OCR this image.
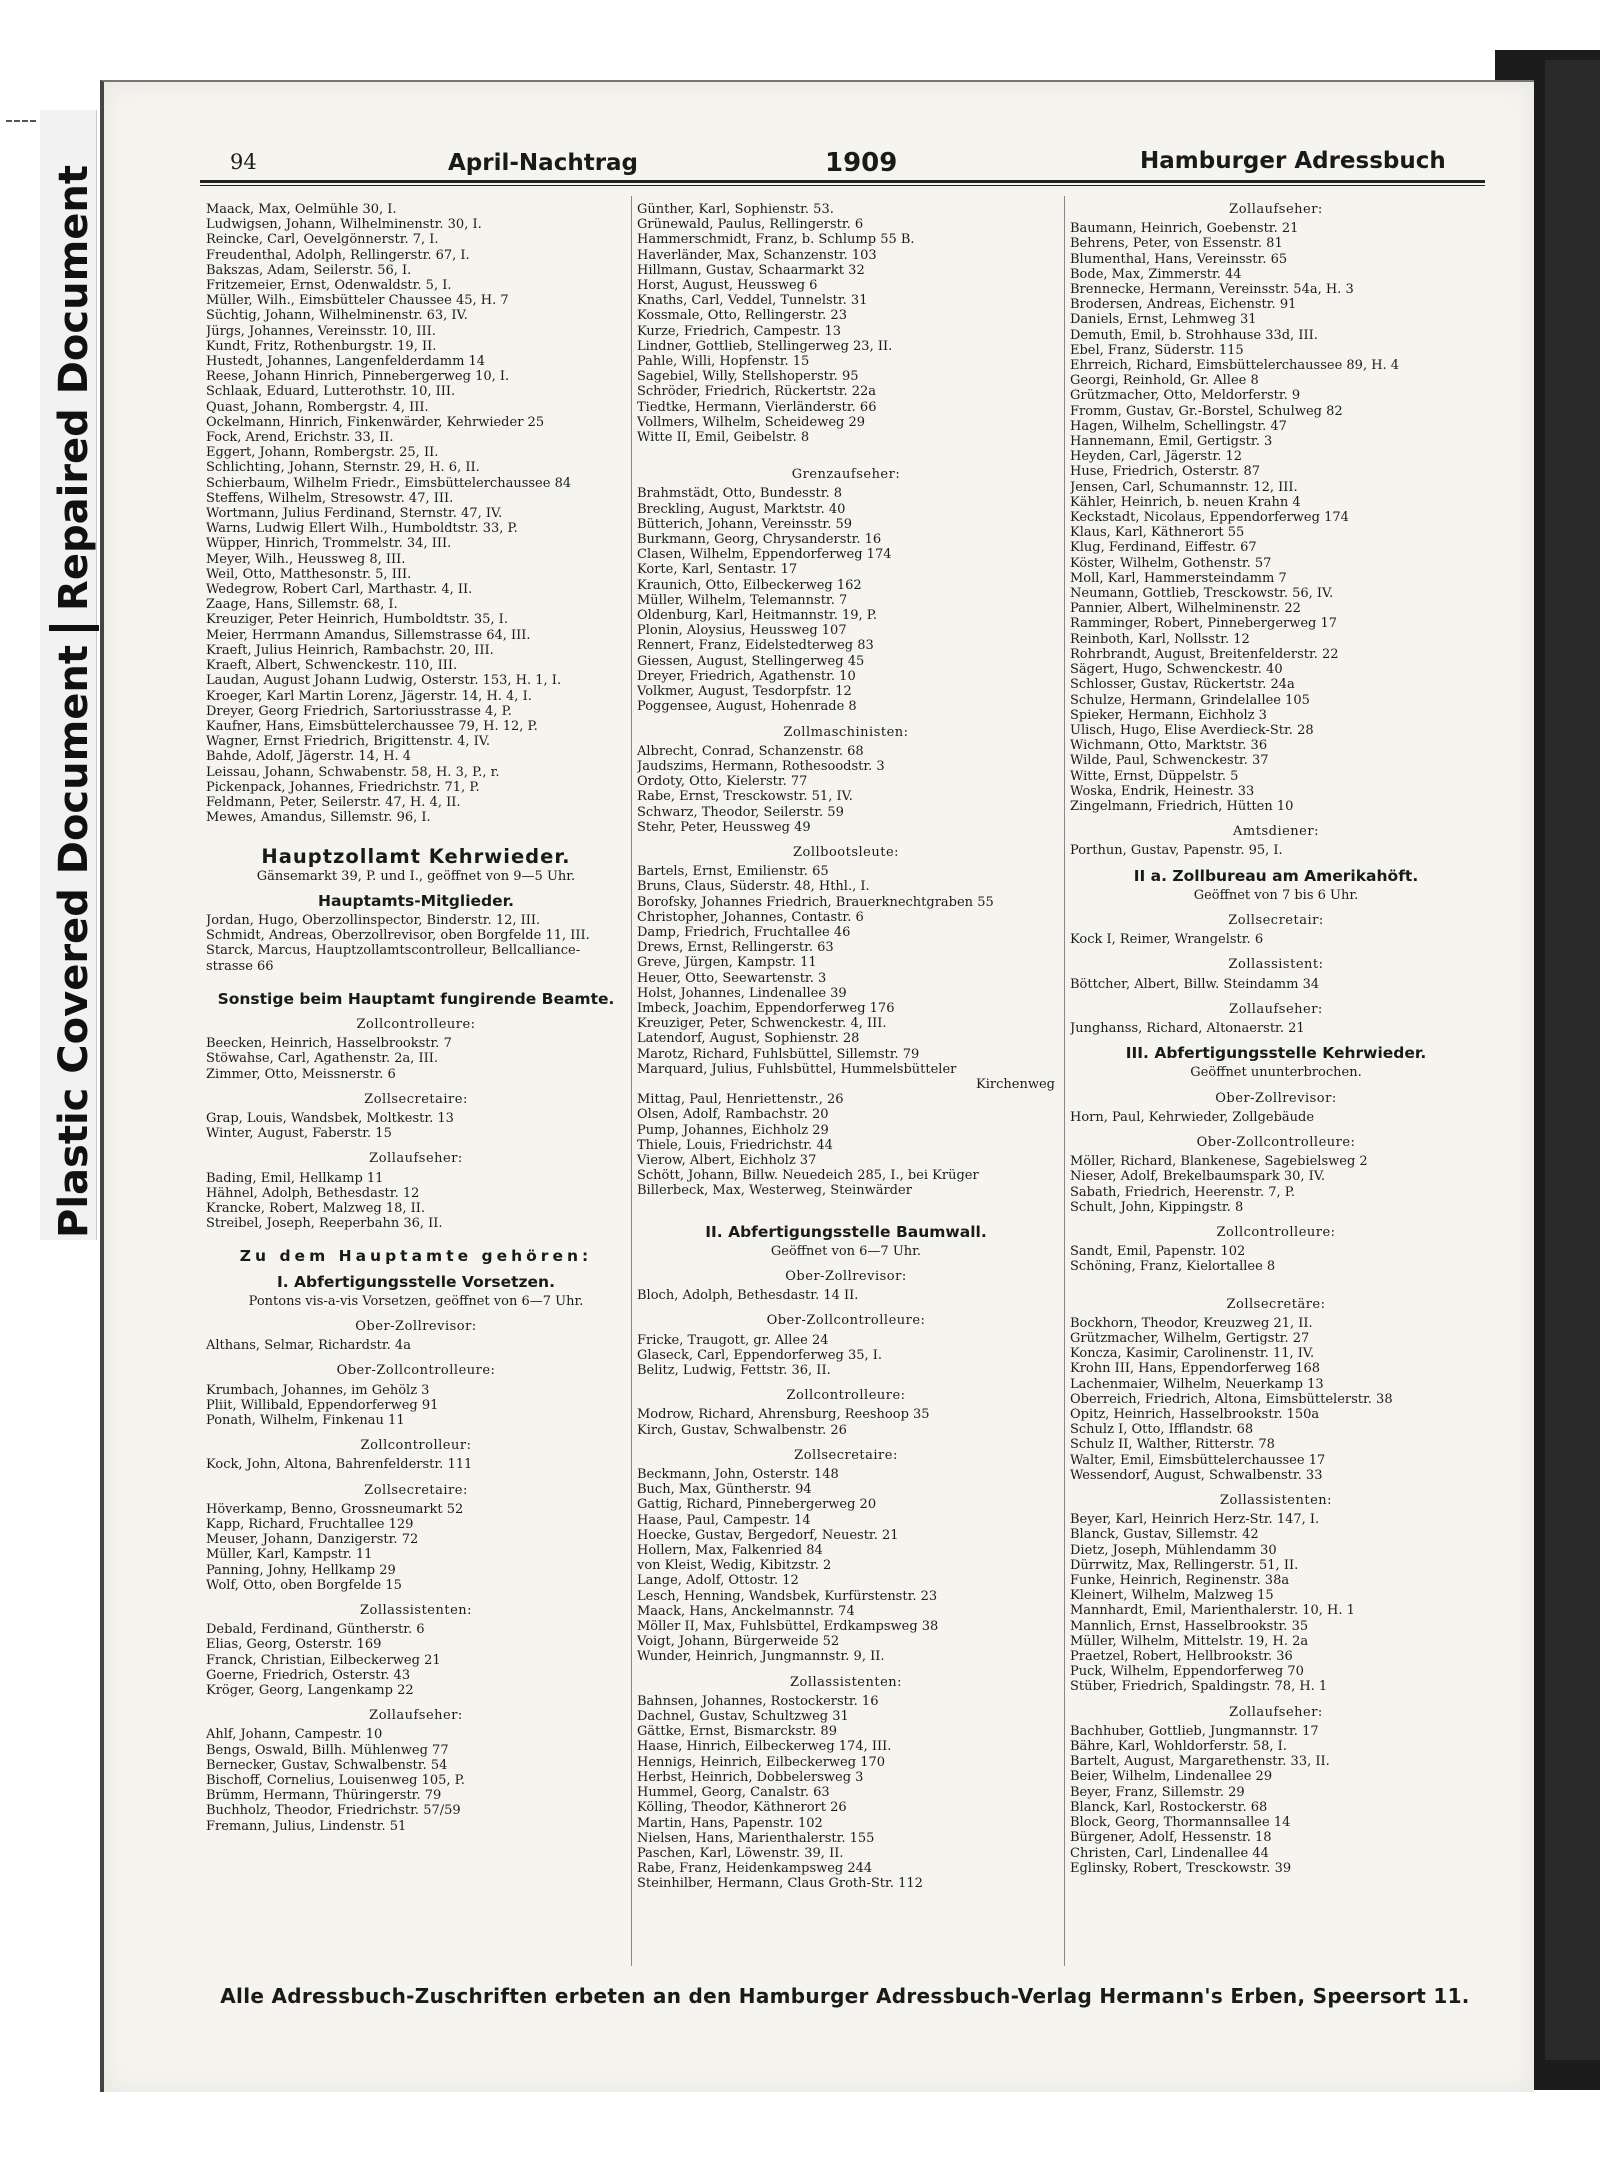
Plastic Covered Document
Repaired Document
94	April-Nachtrag	1909	Hamburger Adressbuch
Maack, Max, Oelmühle 30, I.
Ludwigsen, Johann, Wilhelminenstr. 30, I.
Reincke, Carl, Oevelgönnerstr. 7, I.
Freudenthal, Adolph, Rellingerstr. 67, I.
Bakszas, Adam, Seilerstr. 56, I.
Fritzemeier, Ernst, Odenwaldstr. 5, I.
Müller, Wilh., Eimsbütteler Chaussee 45, H. 7
Süchtig, Johann, Wilhelminenstr. 63, IV.
Jürgs, Johannes, Vereinsstr. 10, III.
Kundt, Fritz, Rothenburgstr. 19, II.
Hustedt, Johannes, Langenfelderdamm 14
Reese, Johann Hinrich, Pinnebergerweg 10, I.
Schlaak, Eduard, Lutterothstr. 10, III.
Quast, Johann, Rombergstr. 4, III.
Ockelmann, Hinrich, Finkenwärder, Kehrwieder 25
Fock, Arend, Erichstr. 33, II.
Eggert, Johann, Rombergstr. 25, II.
Schlichting, Johann, Sternstr. 29, H. 6, II.
Schierbaum, Wilhelm Friedr., Eimsbüttelerchaussee 84
Steffens, Wilhelm, Stresowstr. 47, III.
Wortmann, Julius Ferdinand, Sternstr. 47, IV.
Warns, Ludwig Ellert Wilh., Humboldtstr. 33, P.
Wüpper, Hinrich, Trommelstr. 34, III.
Meyer, Wilh., Heussweg 8, III.
Weil, Otto, Matthesonstr. 5, III.
Wedegrow, Robert Carl, Marthastr. 4, II.
Zaage, Hans, Sillemstr. 68, I.
Kreuziger, Peter Heinrich, Humboldtstr. 35, I.
Meier, Herrmann Amandus, Sillemstrasse 64, III.
Kraeft, Julius Heinrich, Rambachstr. 20, III.
Kraeft, Albert, Schwenckestr. 110, III.
Laudan, August Johann Ludwig, Osterstr. 153, H. 1, I.
Kroeger, Karl Martin Lorenz, Jägerstr. 14, H. 4, I.
Dreyer, Georg Friedrich, Sartoriusstrasse 4, P.
Kaufner, Hans, Eimsbüttelerchaussee 79, H. 12, P.
Wagner, Ernst Friedrich, Brigittenstr. 4, IV.
Bahde, Adolf, Jägerstr. 14, H. 4
Leissau, Johann, Schwabenstr. 58, H. 3, P., r.
Pickenpack, Johannes, Friedrichstr. 71, P.
Feldmann, Peter, Seilerstr. 47, H. 4, II.
Mewes, Amandus, Sillemstr. 96, I.
Hauptzollamt Kehrwieder.
Gänsemarkt 39, P. und I., geöffnet von 9—5 Uhr.
Hauptamts-Mitglieder.
Jordan, Hugo, Oberzollinspector, Binderstr. 12, III.
Schmidt, Andreas, Oberzollrevisor, oben Borgfelde 11, III.
Starck, Marcus, Hauptzollamtscontrolleur, Bellcalliance-
strasse 66
Sonstige beim Hauptamt fungirende Beamte.
Zollcontrolleure:
Beecken, Heinrich, Hasselbrookstr. 7
Stöwahse, Carl, Agathenstr. 2a, III.
Zimmer, Otto, Meissnerstr. 6
Zollsecretaire:
Grap, Louis, Wandsbek, Moltkestr. 13
Winter, August, Faberstr. 15
Zollaufseher:
Bading, Emil, Hellkamp 11
Hähnel, Adolph, Bethesdastr. 12
Krancke, Robert, Malzweg 18, II.
Streibel, Joseph, Reeperbahn 36, II.
Zu dem Hauptamte gehören:
I. Abfertigungsstelle Vorsetzen.
Pontons vis-a-vis Vorsetzen, geöffnet von 6—7 Uhr.
Ober-Zollrevisor:
Althans, Selmar, Richardstr. 4a
Ober-Zollcontrolleure:
Krumbach, Johannes, im Gehölz 3
Pliit, Willibald, Eppendorferweg 91
Ponath, Wilhelm, Finkenau 11
Zollcontrolleur:
Kock, John, Altona, Bahrenfelderstr. 111
Zollsecretaire:
Höverkamp, Benno, Grossneumarkt 52
Kapp, Richard, Fruchtallee 129
Meuser, Johann, Danzigerstr. 72
Müller, Karl, Kampstr. 11
Panning, Johny, Hellkamp 29
Wolf, Otto, oben Borgfelde 15
Zollassistenten:
Debald, Ferdinand, Güntherstr. 6
Elias, Georg, Osterstr. 169
Franck, Christian, Eilbeckerweg 21
Goerne, Friedrich, Osterstr. 43
Kröger, Georg, Langenkamp 22
Zollaufseher:
Ahlf, Johann, Campestr. 10
Bengs, Oswald, Billh. Mühlenweg 77
Bernecker, Gustav, Schwalbenstr. 54
Bischoff, Cornelius, Louisenweg 105, P.
Brümm, Hermann, Thüringerstr. 79
Buchholz, Theodor, Friedrichstr. 57/59
Fremann, Julius, Lindenstr. 51
Günther, Karl, Sophienstr. 53.
Grünewald, Paulus, Rellingerstr. 6
Hammerschmidt, Franz, b. Schlump 55 B.
Haverländer, Max, Schanzenstr. 103
Hillmann, Gustav, Schaarmarkt 32
Horst, August, Heussweg 6
Knaths, Carl, Veddel, Tunnelstr. 31
Kossmale, Otto, Rellingerstr. 23
Kurze, Friedrich, Campestr. 13
Lindner, Gottlieb, Stellingerweg 23, II.
Pahle, Willi, Hopfenstr. 15
Sagebiel, Willy, Stellshoperstr. 95
Schröder, Friedrich, Rückertstr. 22a
Tiedtke, Hermann, Vierländerstr. 66
Vollmers, Wilhelm, Scheideweg 29
Witte II, Emil, Geibelstr. 8
Grenzaufseher:
Brahmstädt, Otto, Bundesstr. 8
Breckling, August, Marktstr. 40
Bütterich, Johann, Vereinsstr. 59
Burkmann, Georg, Chrysanderstr. 16
Clasen, Wilhelm, Eppendorferweg 174
Korte, Karl, Sentastr. 17
Kraunich, Otto, Eilbeckerweg 162
Müller, Wilhelm, Telemannstr. 7
Oldenburg, Karl, Heitmannstr. 19, P.
Plonin, Aloysius, Heussweg 107
Rennert, Franz, Eidelstedterweg 83
Giessen, August, Stellingerweg 45
Dreyer, Friedrich, Agathenstr. 10
Volkmer, August, Tesdorpfstr. 12
Poggensee, August, Hohenrade 8
Zollmaschinisten:
Albrecht, Conrad, Schanzenstr. 68
Jaudszims, Hermann, Rothesoodstr. 3
Ordoty, Otto, Kielerstr. 77
Rabe, Ernst, Tresckowstr. 51, IV.
Schwarz, Theodor, Seilerstr. 59
Stehr, Peter, Heussweg 49
Zollbootsleute:
Bartels, Ernst, Emilienstr. 65
Bruns, Claus, Süderstr. 48, Hthl., I.
Borofsky, Johannes Friedrich, Brauerknechtgraben 55
Christopher, Johannes, Contastr. 6
Damp, Friedrich, Fruchtallee 46
Drews, Ernst, Rellingerstr. 63
Greve, Jürgen, Kampstr. 11
Heuer, Otto, Seewartenstr. 3
Holst, Johannes, Lindenallee 39
Imbeck, Joachim, Eppendorferweg 176
Kreuziger, Peter, Schwenckestr. 4, III.
Latendorf, August, Sophienstr. 28
Marotz, Richard, Fuhlsbüttel, Sillemstr. 79
Marquard, Julius, Fuhlsbüttel, Hummelsbütteler
Kirchenweg
Mittag, Paul, Henriettenstr., 26
Olsen, Adolf, Rambachstr. 20
Pump, Johannes, Eichholz 29
Thiele, Louis, Friedrichstr. 44
Vierow, Albert, Eichholz 37
Schött, Johann, Billw. Neuedeich 285, I., bei Krüger
Billerbeck, Max, Westerweg, Steinwärder
II. Abfertigungsstelle Baumwall.
Geöffnet von 6—7 Uhr.
Ober-Zollrevisor:
Bloch, Adolph, Bethesdastr. 14 II.
Ober-Zollcontrolleure:
Fricke, Traugott, gr. Allee 24
Glaseck, Carl, Eppendorferweg 35, I.
Belitz, Ludwig, Fettstr. 36, II.
Zollcontrolleure:
Modrow, Richard, Ahrensburg, Reeshoop 35
Kirch, Gustav, Schwalbenstr. 26
Zollsecretaire:
Beckmann, John, Osterstr. 148
Buch, Max, Güntherstr. 94
Gattig, Richard, Pinnebergerweg 20
Haase, Paul, Campestr. 14
Hoecke, Gustav, Bergedorf, Neuestr. 21
Hollern, Max, Falkenried 84
von Kleist, Wedig, Kibitzstr. 2
Lange, Adolf, Ottostr. 12
Lesch, Henning, Wandsbek, Kurfürstenstr. 23
Maack, Hans, Anckelmannstr. 74
Möller II, Max, Fuhlsbüttel, Erdkampsweg 38
Voigt, Johann, Bürgerweide 52
Wunder, Heinrich, Jungmannstr. 9, II.
Zollassistenten:
Bahnsen, Johannes, Rostockerstr. 16
Dachnel, Gustav, Schultzweg 31
Gättke, Ernst, Bismarckstr. 89
Haase, Hinrich, Eilbeckerweg 174, III.
Hennigs, Heinrich, Eilbeckerweg 170
Herbst, Heinrich, Dobbelersweg 3
Hummel, Georg, Canalstr. 63
Kölling, Theodor, Käthnerort 26
Martin, Hans, Papenstr. 102
Nielsen, Hans, Marienthalerstr. 155
Paschen, Karl, Löwenstr. 39, II.
Rabe, Franz, Heidenkampsweg 244
Steinhilber, Hermann, Claus Groth-Str. 112
Zollaufseher:
Baumann, Heinrich, Goebenstr. 21
Behrens, Peter, von Essenstr. 81
Blumenthal, Hans, Vereinsstr. 65
Bode, Max, Zimmerstr. 44
Brennecke, Hermann, Vereinsstr. 54a, H. 3
Brodersen, Andreas, Eichenstr. 91
Daniels, Ernst, Lehmweg 31
Demuth, Emil, b. Strohhause 33d, III.
Ebel, Franz, Süderstr. 115
Ehrreich, Richard, Eimsbüttelerchaussee 89, H. 4
Georgi, Reinhold, Gr. Allee 8
Grützmacher, Otto, Meldorferstr. 9
Fromm, Gustav, Gr.-Borstel, Schulweg 82
Hagen, Wilhelm, Schellingstr. 47
Hannemann, Emil, Gertigstr. 3
Heyden, Carl, Jägerstr. 12
Huse, Friedrich, Osterstr. 87
Jensen, Carl, Schumannstr. 12, III.
Kähler, Heinrich, b. neuen Krahn 4
Keckstadt, Nicolaus, Eppendorferweg 174
Klaus, Karl, Käthnerort 55
Klug, Ferdinand, Eiffestr. 67
Köster, Wilhelm, Gothenstr. 57
Moll, Karl, Hammersteindamm 7
Neumann, Gottlieb, Tresckowstr. 56, IV.
Pannier, Albert, Wilhelminenstr. 22
Ramminger, Robert, Pinnebergerweg 17
Reinboth, Karl, Nollsstr. 12
Rohrbrandt, August, Breitenfelderstr. 22
Sägert, Hugo, Schwenckestr. 40
Schlosser, Gustav, Rückertstr. 24a
Schulze, Hermann, Grindelallee 105
Spieker, Hermann, Eichholz 3
Ulisch, Hugo, Elise Averdieck-Str. 28
Wichmann, Otto, Marktstr. 36
Wilde, Paul, Schwenckestr. 37
Witte, Ernst, Düppelstr. 5
Woska, Endrik, Heinestr. 33
Zingelmann, Friedrich, Hütten 10
Amtsdiener:
Porthun, Gustav, Papenstr. 95, I.
II a. Zollbureau am Amerikahöft.
Geöffnet von 7 bis 6 Uhr.
Zollsecretair:
Kock I, Reimer, Wrangelstr. 6
Zollassistent:
Böttcher, Albert, Billw. Steindamm 34
Zollaufseher:
Junghanss, Richard, Altonaerstr. 21
III. Abfertigungsstelle Kehrwieder.
Geöffnet ununterbrochen.
Ober-Zollrevisor:
Horn, Paul, Kehrwieder, Zollgebäude
Ober-Zollcontrolleure:
Möller, Richard, Blankenese, Sagebielsweg 2
Nieser, Adolf, Brekelbaumspark 30, IV.
Sabath, Friedrich, Heerenstr. 7, P.
Schult, John, Kippingstr. 8
Zollcontrolleure:
Sandt, Emil, Papenstr. 102
Schöning, Franz, Kielortallee 8
Zollsecretäre:
Bockhorn, Theodor, Kreuzweg 21, II.
Grützmacher, Wilhelm, Gertigstr. 27
Koncza, Kasimir, Carolinenstr. 11, IV.
Krohn III, Hans, Eppendorferweg 168
Lachenmaier, Wilhelm, Neuerkamp 13
Oberreich, Friedrich, Altona, Eimsbüttelerstr. 38
Opitz, Heinrich, Hasselbrookstr. 150a
Schulz I, Otto, Ifflandstr. 68
Schulz II, Walther, Ritterstr. 78
Walter, Emil, Eimsbüttelerchaussee 17
Wessendorf, August, Schwalbenstr. 33
Zollassistenten:
Beyer, Karl, Heinrich Herz-Str. 147, I.
Blanck, Gustav, Sillemstr. 42
Dietz, Joseph, Mühlendamm 30
Dürrwitz, Max, Rellingerstr. 51, II.
Funke, Heinrich, Reginenstr. 38a
Kleinert, Wilhelm, Malzweg 15
Mannhardt, Emil, Marienthalerstr. 10, H. 1
Mannlich, Ernst, Hasselbrookstr. 35
Müller, Wilhelm, Mittelstr. 19, H. 2a
Praetzel, Robert, Hellbrookstr. 36
Puck, Wilhelm, Eppendorferweg 70
Stüber, Friedrich, Spaldingstr. 78, H. 1
Zollaufseher:
Bachhuber, Gottlieb, Jungmannstr. 17
Bähre, Karl, Wohldorferstr. 58, I.
Bartelt, August, Margarethenstr. 33, II.
Beier, Wilhelm, Lindenallee 29
Beyer, Franz, Sillemstr. 29
Blanck, Karl, Rostockerstr. 68
Block, Georg, Thormannsallee 14
Bürgener, Adolf, Hessenstr. 18
Christen, Carl, Lindenallee 44
Eglinsky, Robert, Tresckowstr. 39
Alle Adressbuch-Zuschriften erbeten an den Hamburger Adressbuch-Verlag Hermann's Erben, Speersort 11.
